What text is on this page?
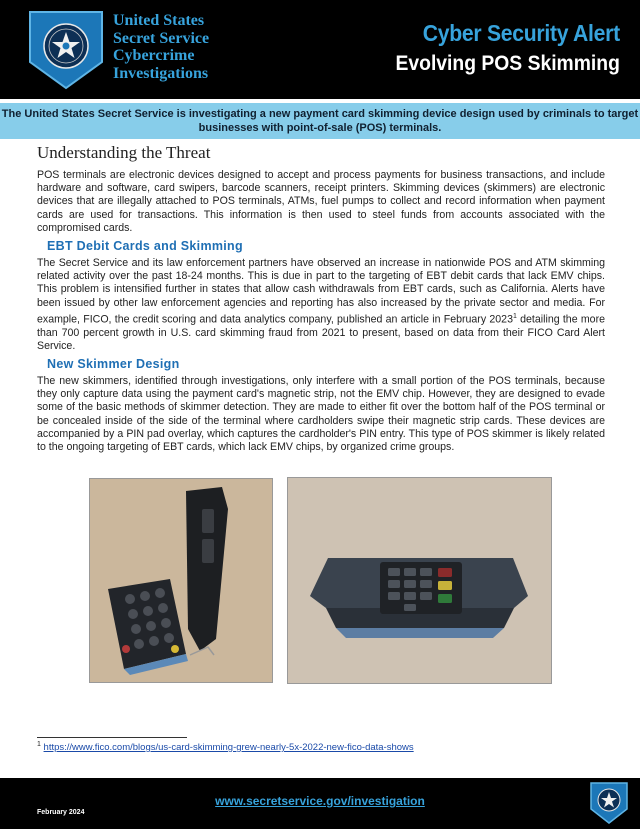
United States
Secret Service
Cybercrime
Investigations
Cyber Security Alert
Evolving POS Skimming
The United States Secret Service is investigating a new payment card skimming device design used by criminals to target businesses with point-of-sale (POS) terminals.
Understanding the Threat

POS terminals are electronic devices designed to accept and process payments for business transactions, and include hardware and software, card swipers, barcode scanners, receipt printers. Skimming devices (skimmers) are electronic devices that are illegally attached to POS terminals, ATMs, fuel pumps to collect and record information when payment cards are used for transactions. This information is then used to steel funds from accounts associated with the compromised cards.

EBT Debit Cards and Skimming

The Secret Service and its law enforcement partners have observed an increase in nationwide POS and ATM skimming related activity over the past 18-24 months. This is due in part to the targeting of EBT debit cards that lack EMV chips. This problem is intensified further in states that allow cash withdrawals from EBT cards, such as California. Alerts have been issued by other law enforcement agencies and reporting has also increased by the private sector and media. For example, FICO, the credit scoring and data analytics company, published an article in February 2023$^1$ detailing the more than 700 percent growth in U.S. card skimming fraud from 2021 to present, based on data from their FICO Card Alert Service.

New Skimmer Design

The new skimmers, identified through investigations, only interfere with a small portion of the POS terminals, because they only capture data using the payment card's magnetic strip, not the EMV chip. However, they are designed to evade some of the basic methods of skimmer detection. They are made to either fit over the bottom half of the POS terminal or be concealed inside of the side of the terminal where cardholders swipe their magnetic strip cards. These devices are accompanied by a PIN pad overlay, which captures the cardholder's PIN entry. This type of POS skimmer is likely related to the ongoing targeting of EBT cards, which lack EMV chips, by organized crime groups.

$^1$ https://www.fico.com/blogs/us-card-skimming-grew-nearly-5x-2022-new-fico-data-shows
www.secretservice.gov/investigation
February 2024
